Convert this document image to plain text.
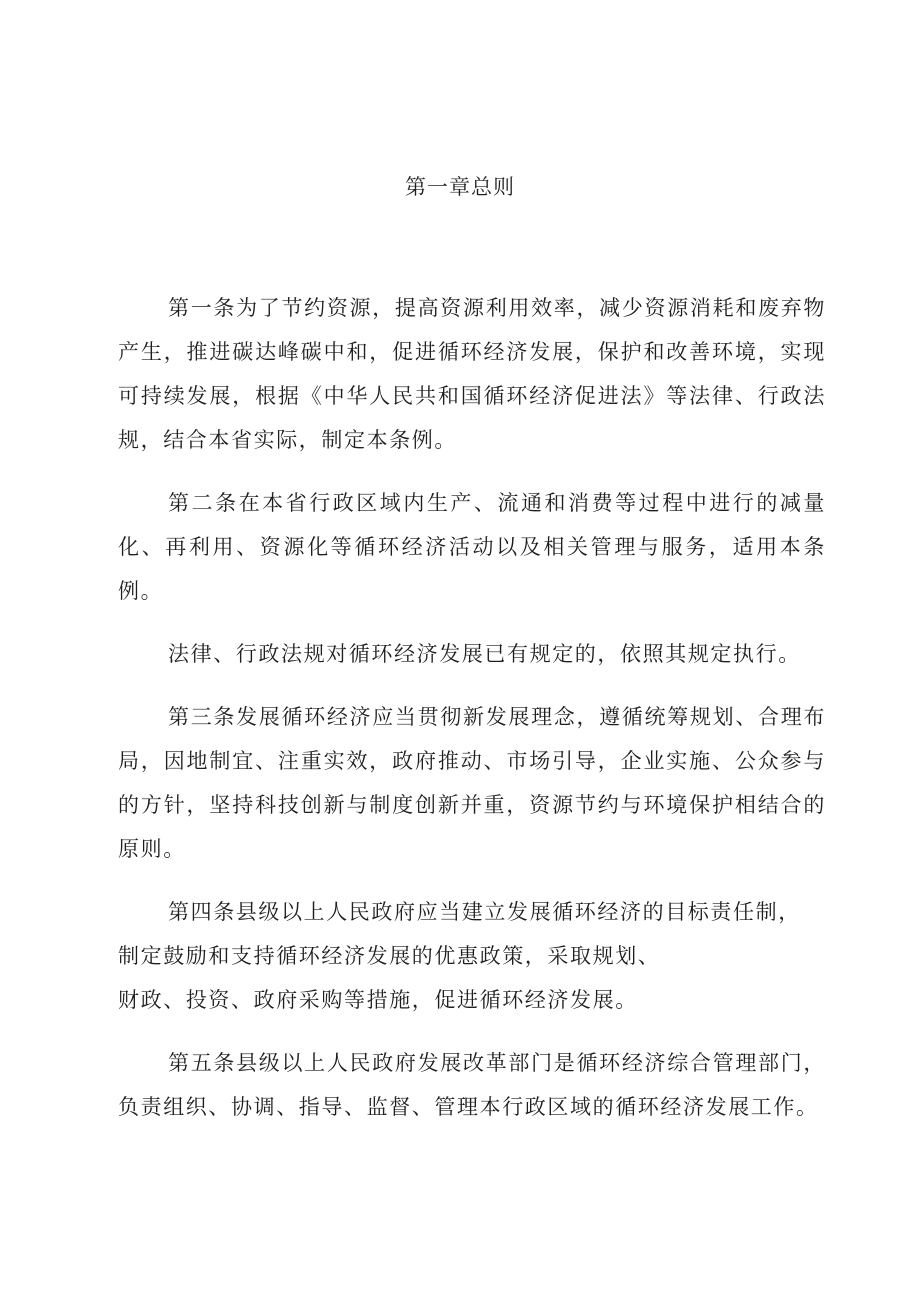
第一章总则

第一条为了节约资源，提高资源利用效率，减少资源消耗和废弃物产生，推进碳达峰碳中和，促进循环经济发展，保护和改善环境，实现可持续发展，根据《中华人民共和国循环经济促进法》等法律、行政法规，结合本省实际，制定本条例。

第二条在本省行政区域内生产、流通和消费等过程中进行的减量化、再利用、资源化等循环经济活动以及相关管理与服务，适用本条例。

法律、行政法规对循环经济发展已有规定的，依照其规定执行。

第三条发展循环经济应当贯彻新发展理念，遵循统筹规划、合理布局，因地制宜、注重实效，政府推动、市场引导，企业实施、公众参与的方针，坚持科技创新与制度创新并重，资源节约与环境保护相结合的原则。

第四条县级以上人民政府应当建立发展循环经济的目标责任制，
制定鼓励和支持循环经济发展的优惠政策，采取规划、
财政、投资、政府采购等措施，促进循环经济发展。

第五条县级以上人民政府发展改革部门是循环经济综合管理部门，负责组织、协调、指导、监督、管理本行政区域的循环经济发展工作。
